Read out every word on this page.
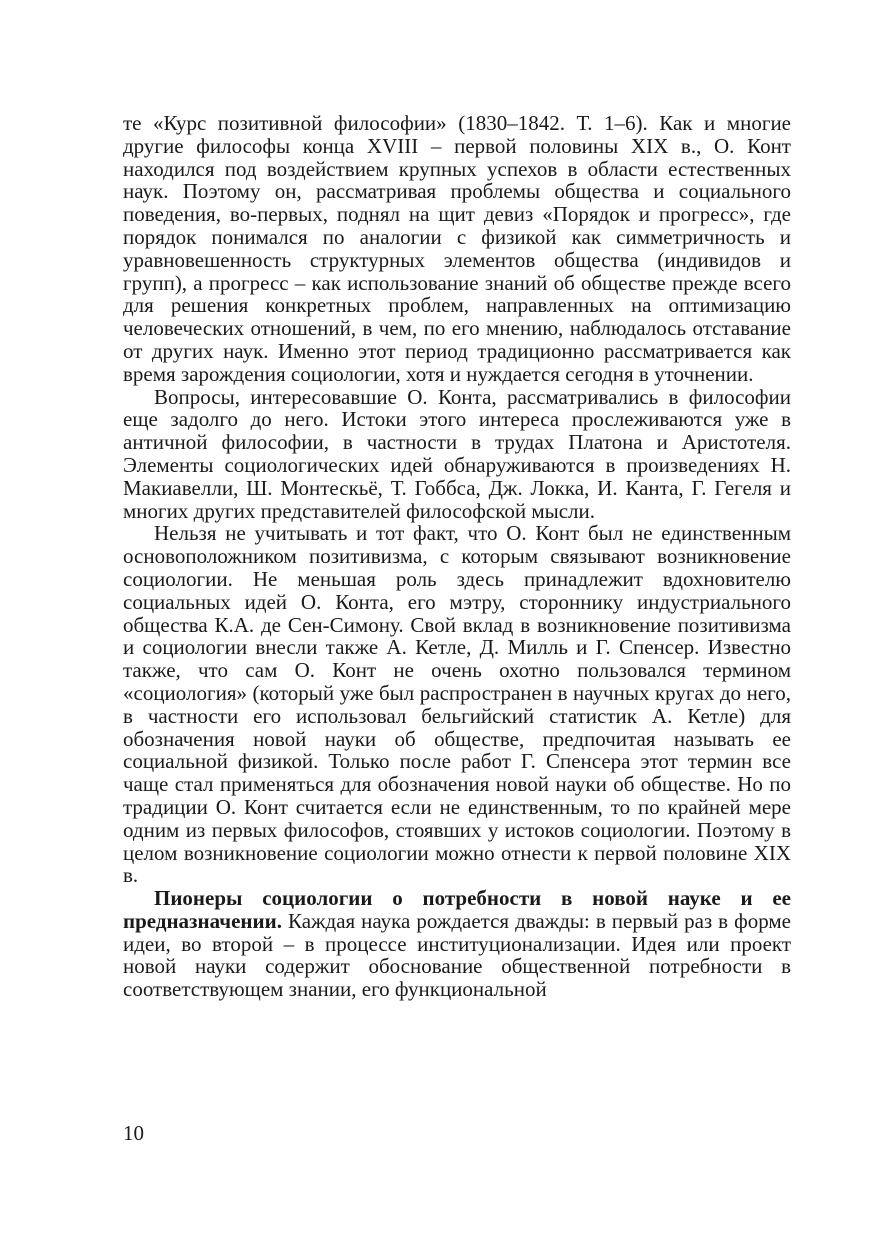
те «Курс позитивной философии» (1830–1842. Т. 1–6). Как и многие другие философы конца XVIII – первой половины XIX в., О. Конт находился под воздействием крупных успехов в области естественных наук. Поэтому он, рассматривая проблемы общества и социального поведения, во-первых, поднял на щит девиз «Порядок и прогресс», где порядок понимался по аналогии с физикой как симметричность и уравновешенность структурных элементов общества (индивидов и групп), а прогресс – как использование знаний об обществе прежде всего для решения конкретных проблем, направленных на оптимизацию человеческих отношений, в чем, по его мнению, наблюдалось отставание от других наук. Именно этот период традиционно рассматривается как время зарождения социологии, хотя и нуждается сегодня в уточнении.

Вопросы, интересовавшие О. Конта, рассматривались в философии еще задолго до него. Истоки этого интереса прослеживаются уже в античной философии, в частности в трудах Платона и Аристотеля. Элементы социологических идей обнаруживаются в произведениях Н. Макиавелли, Ш. Монтескьё, Т. Гоббса, Дж. Локка, И. Канта, Г. Гегеля и многих других представителей философской мысли.

Нельзя не учитывать и тот факт, что О. Конт был не единственным основоположником позитивизма, с которым связывают возникновение социологии. Не меньшая роль здесь принадлежит вдохновителю социальных идей О. Конта, его мэтру, стороннику индустриального общества К.А. де Сен-Симону. Свой вклад в возникновение позитивизма и социологии внесли также А. Кетле, Д. Милль и Г. Спенсер. Известно также, что сам О. Конт не очень охотно пользовался термином «социология» (который уже был распространен в научных кругах до него, в частности его использовал бельгийский статистик А. Кетле) для обозначения новой науки об обществе, предпочитая называть ее социальной физикой. Только после работ Г. Спенсера этот термин все чаще стал применяться для обозначения новой науки об обществе. Но по традиции О. Конт считается если не единственным, то по крайней мере одним из первых философов, стоявших у истоков социологии. Поэтому в целом возникновение социологии можно отнести к первой половине XIX в.

Пионеры социологии о потребности в новой науке и ее предназначении. Каждая наука рождается дважды: в первый раз в форме идеи, во второй – в процессе институционализации. Идея или проект новой науки содержит обоснование общественной потребности в соответствующем знании, его функциональной

10
